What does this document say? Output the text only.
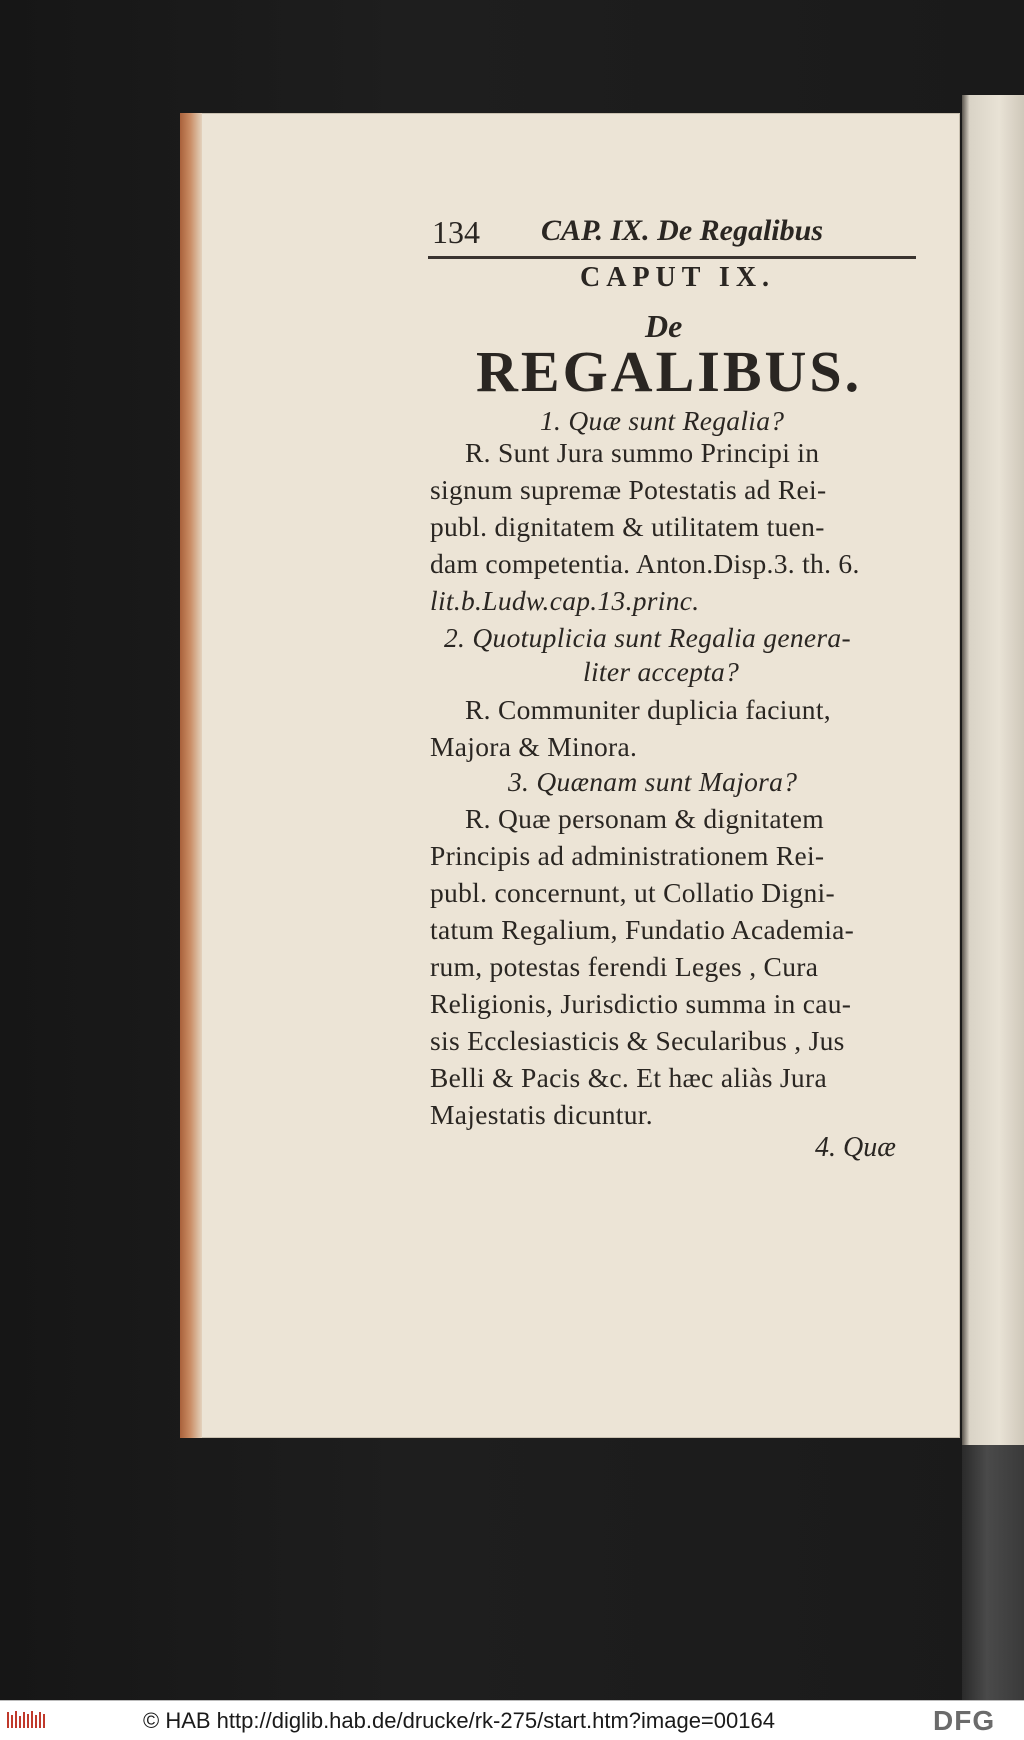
134 CAP. IX. De Regalibus
CAPUT IX.
De
REGALIBUS.
1. Quæ sunt Regalia?
R. Sunt Jura summo Principi in
signum supremæ Potestatis ad Rei-
publ. dignitatem & utilitatem tuen-
dam competentia. Anton.Disp.3. th. 6.
lit.b.Ludw.cap.13.princ.
2. Quotuplicia sunt Regalia genera-
liter accepta?
R. Communiter duplicia faciunt,
Majora & Minora.
3. Quænam sunt Majora?
R. Quæ personam & dignitatem
Principis ad administrationem Rei-
publ. concernunt, ut Collatio Digni-
tatum Regalium, Fundatio Academia-
rum, potestas ferendi Leges , Cura
Religionis, Jurisdictio summa in cau-
sis Ecclesiasticis & Secularibus , Jus
Belli & Pacis &c. Et hæc aliàs Jura
Majestatis dicuntur.
4. Quæ
© HAB http://diglib.hab.de/drucke/rk-275/start.htm?image=00164	DFG
